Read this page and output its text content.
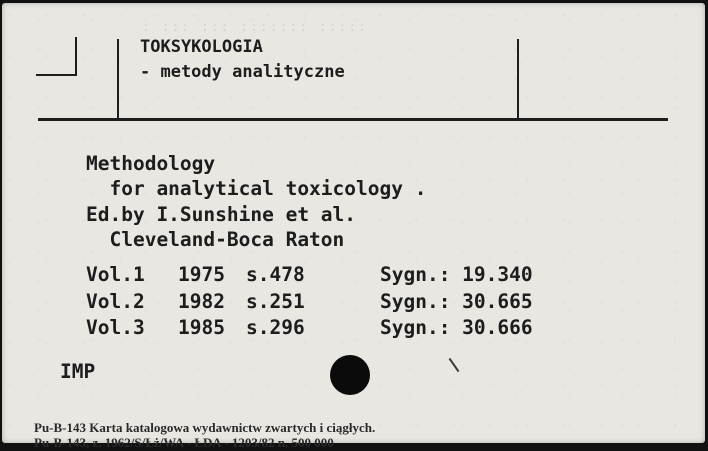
: ::: ::: ::::::: :::::

TOKSYKOLOGIA

- metody analityczne

Methodology

for analytical toxicology .

Ed.by I.Sunshine et al.

Cleveland-Boca Raton

Vol.1 1975 s.478	Sygn.: 19.340

Vol.2 1982 s.251	Sygn.: 30.665

Vol.3 1985 s.296	Sygn.: 30.666

IMP

Pu-B-143 Karta katalogowa wydawnictw zwartych i ciągłych.

Pu-B-143, z. 1962/S/Łż/WA - ŁDA - 1203/82 n. 500 000
